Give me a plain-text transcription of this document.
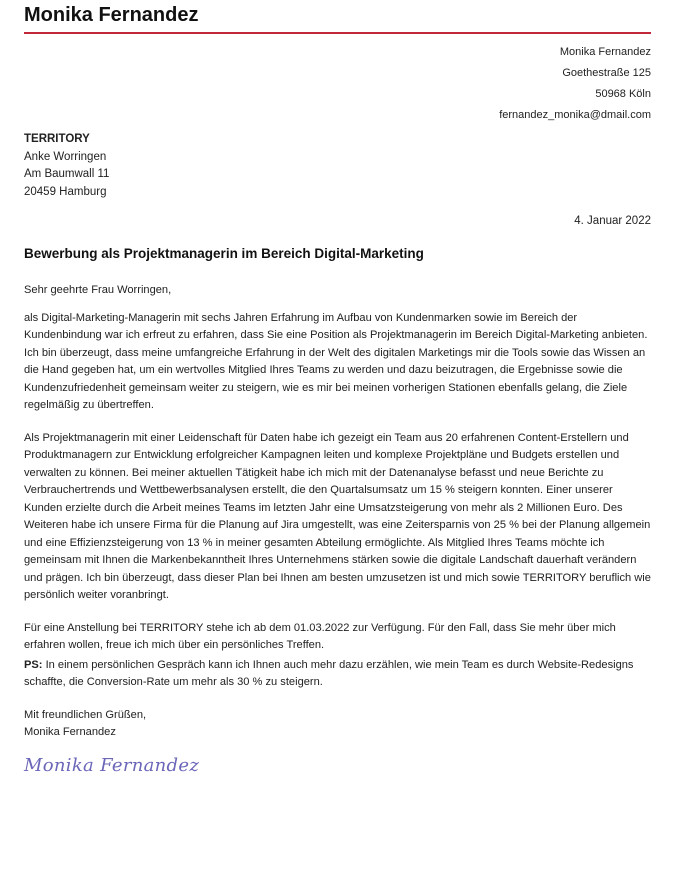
Monika Fernandez
Monika Fernandez
Goethestraße 125
50968 Köln
fernandez_monika@dmail.com
TERRITORY
Anke Worringen
Am Baumwall 11
20459 Hamburg
4. Januar 2022
Bewerbung als Projektmanagerin im Bereich Digital-Marketing

Sehr geehrte Frau Worringen,

als Digital-Marketing-Managerin mit sechs Jahren Erfahrung im Aufbau von Kundenmarken sowie im Bereich der Kundenbindung war ich erfreut zu erfahren, dass Sie eine Position als Projektmanagerin im Bereich Digital-Marketing anbieten. Ich bin überzeugt, dass meine umfangreiche Erfahrung in der Welt des digitalen Marketings mir die Tools sowie das Wissen an die Hand gegeben hat, um ein wertvolles Mitglied Ihres Teams zu werden und dazu beizutragen, die Ergebnisse sowie die Kundenzufriedenheit gemeinsam weiter zu steigern, wie es mir bei meinen vorherigen Stationen ebenfalls gelang, die Ziele regelmäßig zu übertreffen.

Als Projektmanagerin mit einer Leidenschaft für Daten habe ich gezeigt ein Team aus 20 erfahrenen Content-Erstellern und Produktmanagern zur Entwicklung erfolgreicher Kampagnen leiten und komplexe Projektpläne und Budgets erstellen und verwalten zu können. Bei meiner aktuellen Tätigkeit habe ich mich mit der Datenanalyse befasst und neue Berichte zu Verbrauchertrends und Wettbewerbsanalysen erstellt, die den Quartalsumsatz um 15 % steigern konnten. Einer unserer Kunden erzielte durch die Arbeit meines Teams im letzten Jahr eine Umsatzsteigerung von mehr als 2 Millionen Euro. Des Weiteren habe ich unsere Firma für die Planung auf Jira umgestellt, was eine Zeitersparnis von 25 % bei der Planung allgemein und eine Effizienzsteigerung von 13 % in meiner gesamten Abteilung ermöglichte. Als Mitglied Ihres Teams möchte ich gemeinsam mit Ihnen die Markenbekanntheit Ihres Unternehmens stärken sowie die digitale Landschaft dauerhaft verändern und prägen. Ich bin überzeugt, dass dieser Plan bei Ihnen am besten umzusetzen ist und mich sowie TERRITORY beruflich wie persönlich weiter voranbringt.

Für eine Anstellung bei TERRITORY stehe ich ab dem 01.03.2022 zur Verfügung. Für den Fall, dass Sie mehr über mich erfahren wollen, freue ich mich über ein persönliches Treffen.

PS: In einem persönlichen Gespräch kann ich Ihnen auch mehr dazu erzählen, wie mein Team es durch Website-Redesigns schaffte, die Conversion-Rate um mehr als 30 % zu steigern.

Mit freundlichen Grüßen,

Monika Fernandez

Monika Fernandez
